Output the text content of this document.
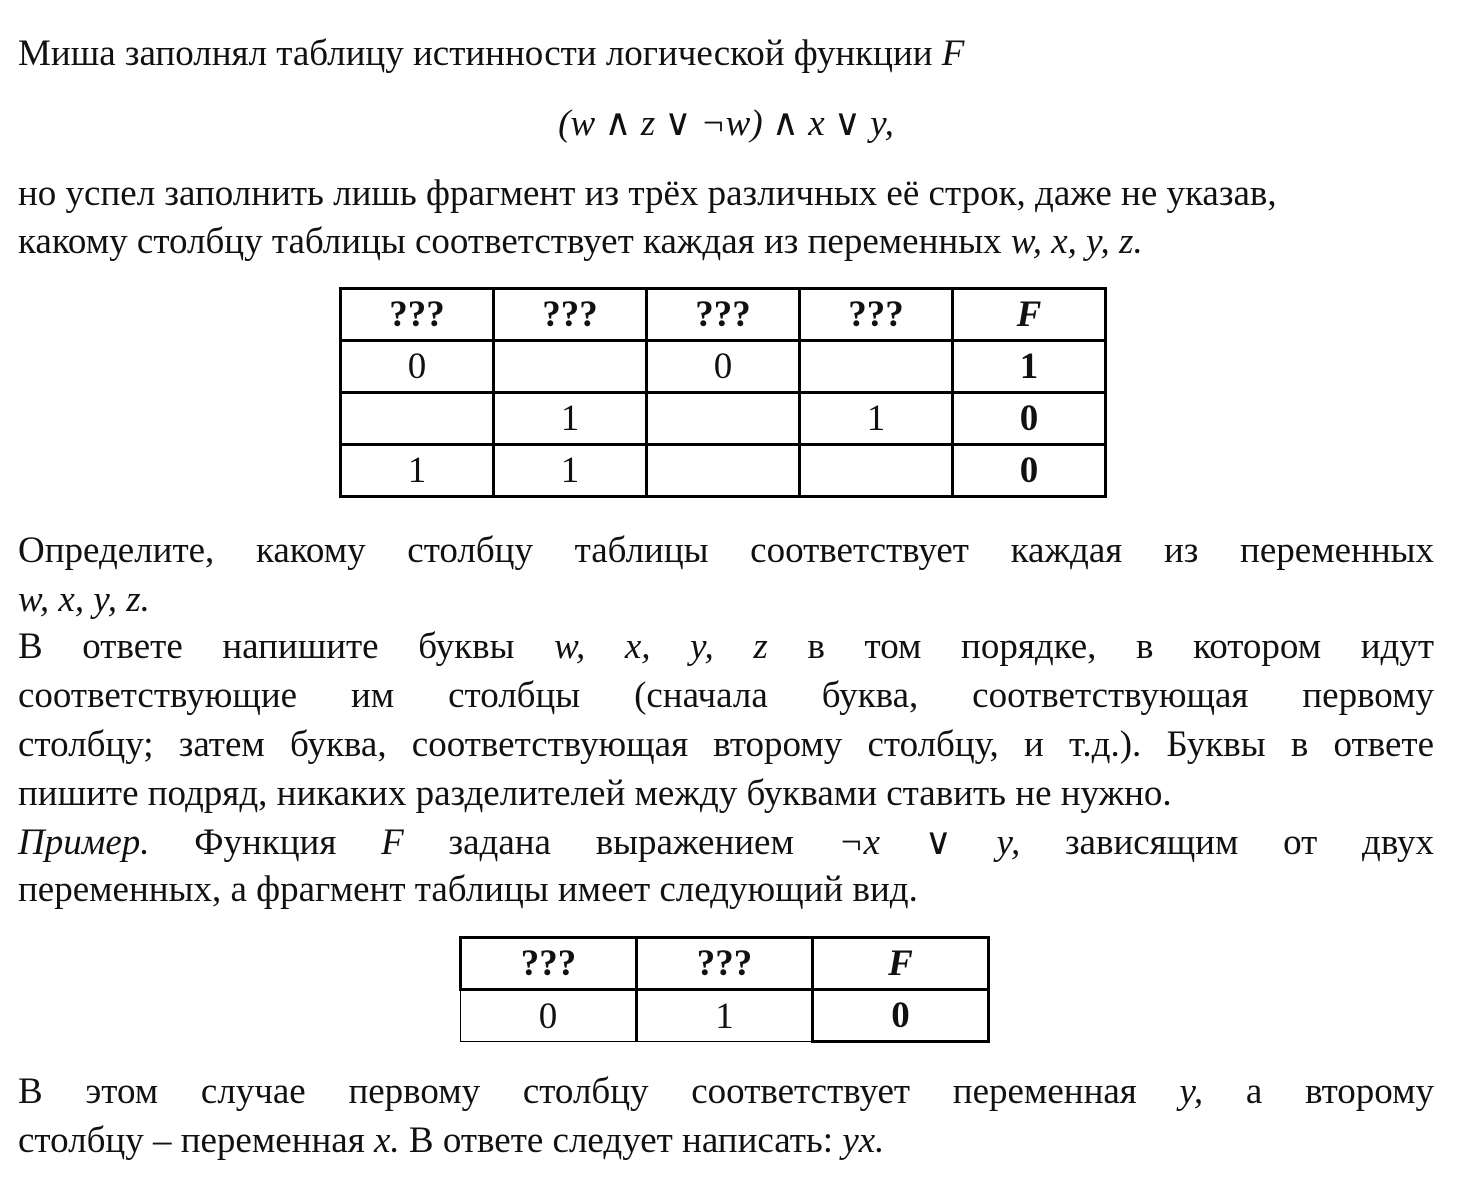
Миша заполнял таблицу истинности логической функции F
(w ∧ z ∨ ¬w) ∧ x ∨ y,
но успел заполнить лишь фрагмент из трёх различных её строк, даже не указав,
какому столбцу таблицы соответствует каждая из переменных w, x, y, z.
???	???	???	???	F
0		0		1
	1		1	0
1	1			0
Определите, какому столбцу таблицы соответствует каждая из переменных
w, x, y, z.
В ответе напишите буквы w, x, y, z в том порядке, в котором идут
соответствующие им столбцы (сначала буква, соответствующая первому
столбцу; затем буква, соответствующая второму столбцу, и т.д.). Буквы в ответе
пишите подряд, никаких разделителей между буквами ставить не нужно.
Пример. Функция F задана выражением ¬x ∨ y, зависящим от двух
переменных, а фрагмент таблицы имеет следующий вид.
???	???	F
0	1	0
В этом случае первому столбцу соответствует переменная y, а второму
столбцу – переменная x. В ответе следует написать: yx.
